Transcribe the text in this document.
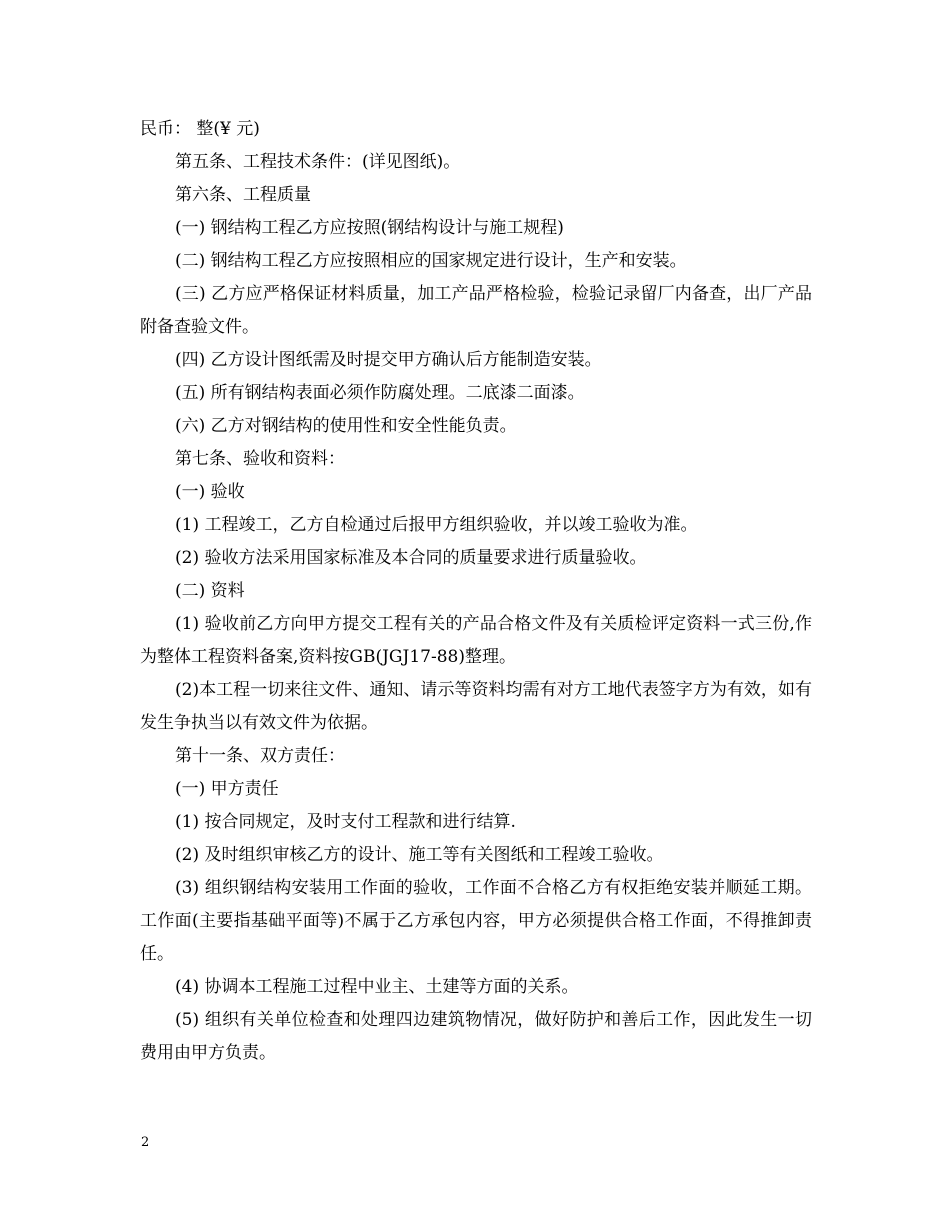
民币： 整(¥ 元)

第五条、工程技术条件：(详见图纸)。

第六条、工程质量

(一) 钢结构工程乙方应按照(钢结构设计与施工规程)

(二) 钢结构工程乙方应按照相应的国家规定进行设计，生产和安装。

(三) 乙方应严格保证材料质量，加工产品严格检验，检验记录留厂内备查，出厂产品附备查验文件。

(四) 乙方设计图纸需及时提交甲方确认后方能制造安装。

(五) 所有钢结构表面必须作防腐处理。二底漆二面漆。

(六) 乙方对钢结构的使用性和安全性能负责。

第七条、验收和资料：

(一) 验收

(1) 工程竣工，乙方自检通过后报甲方组织验收，并以竣工验收为准。

(2) 验收方法采用国家标准及本合同的质量要求进行质量验收。

(二) 资料

(1) 验收前乙方向甲方提交工程有关的产品合格文件及有关质检评定资料一式三份,作为整体工程资料备案,资料按GB(JGJ17-88)整理。

(2)本工程一切来往文件、通知、请示等资料均需有对方工地代表签字方为有效，如有发生争执当以有效文件为依据。

第十一条、双方责任：

(一) 甲方责任

(1) 按合同规定，及时支付工程款和进行结算.

(2) 及时组织审核乙方的设计、施工等有关图纸和工程竣工验收。

(3) 组织钢结构安装用工作面的验收，工作面不合格乙方有权拒绝安装并顺延工期。工作面(主要指基础平面等)不属于乙方承包内容，甲方必须提供合格工作面，不得推卸责任。

(4) 协调本工程施工过程中业主、土建等方面的关系。

(5) 组织有关单位检查和处理四边建筑物情况，做好防护和善后工作，因此发生一切费用由甲方负责。

2
